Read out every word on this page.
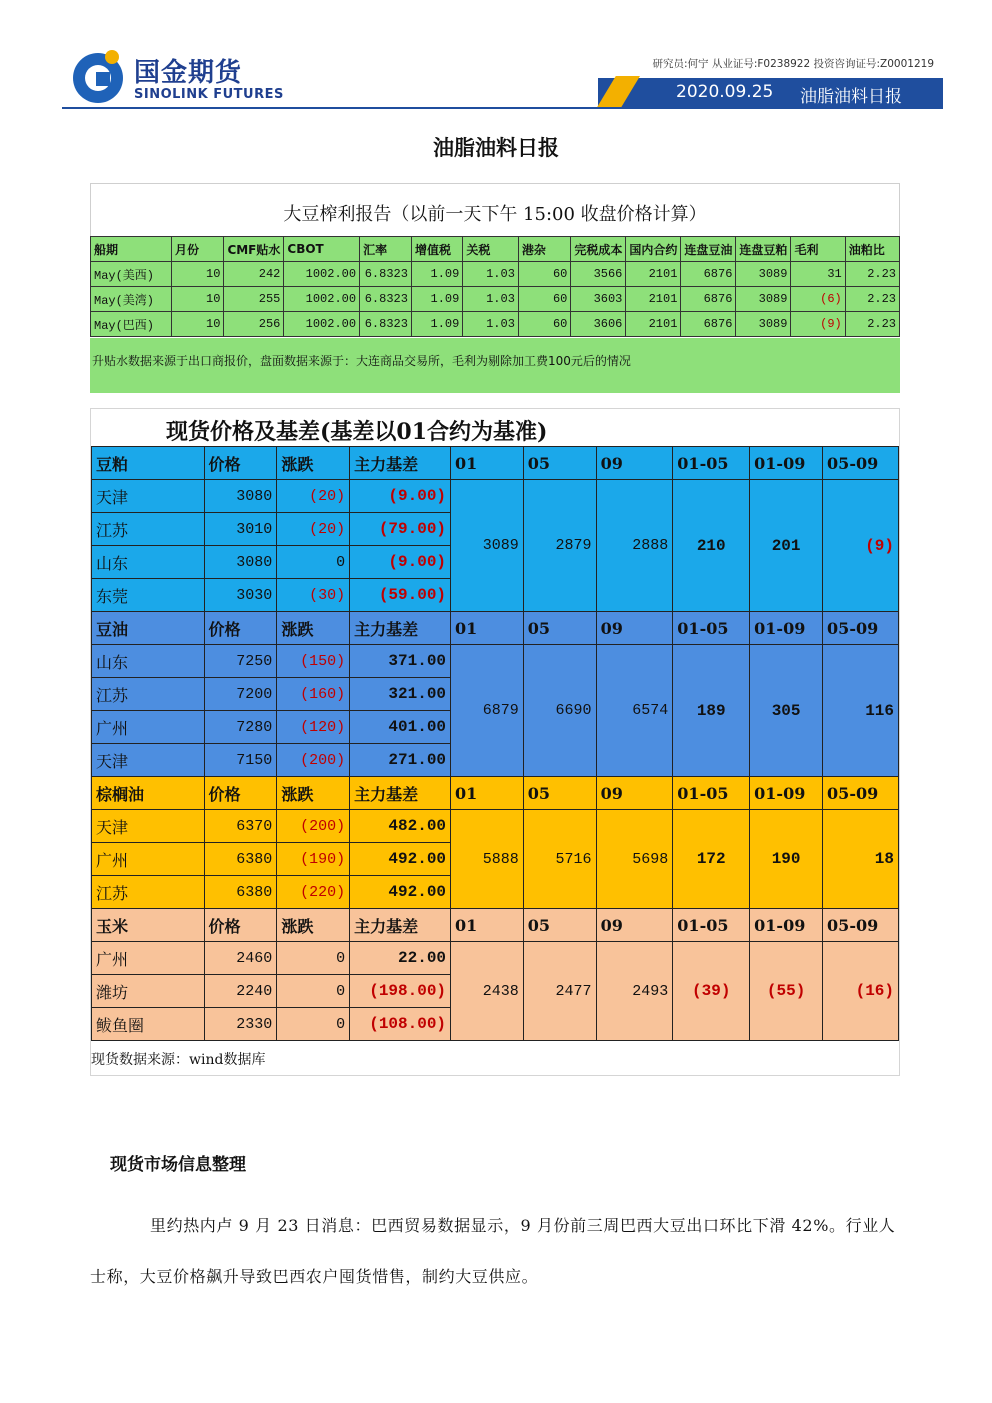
国金期货
SINOLINK FUTURES
研究员:何宁 从业证号:F0238922 投资咨询证号:Z0001219
2020.09.25 油脂油料日报
油脂油料日报
大豆榨利报告（以前一天下午 15:00 收盘价格计算）
船期	月份	CMF贴水	CBOT	汇率	增值税	关税	港杂	完税成本	国内合约	连盘豆油	连盘豆粕	毛利	油粕比
May(美西)	10	242	1002.00	6.8323	1.09	1.03	60	3566	2101	6876	3089	31	2.23
May(美湾)	10	255	1002.00	6.8323	1.09	1.03	60	3603	2101	6876	3089	(6)	2.23
May(巴西)	10	256	1002.00	6.8323	1.09	1.03	60	3606	2101	6876	3089	(9)	2.23
升贴水数据来源于出口商报价，盘面数据来源于：大连商品交易所，毛利为剔除加工费100元后的情况
现货价格及基差(基差以01合约为基准)
豆粕	价格	涨跌	主力基差	01	05	09	01-05	01-09	05-09
天津	3080	(20)	(9.00)	3089	2879	2888	210	201	(9)
江苏	3010	(20)	(79.00)						
山东	3080	0	(9.00)						
东莞	3030	(30)	(59.00)						
豆油	价格	涨跌	主力基差	01	05	09	01-05	01-09	05-09
山东	7250	(150)	371.00	6879	6690	6574	189	305	116
江苏	7200	(160)	321.00						
广州	7280	(120)	401.00						
天津	7150	(200)	271.00						
棕榈油	价格	涨跌	主力基差	01	05	09	01-05	01-09	05-09
天津	6370	(200)	482.00	5888	5716	5698	172	190	18
广州	6380	(190)	492.00						
江苏	6380	(220)	492.00						
玉米	价格	涨跌	主力基差	01	05	09	01-05	01-09	05-09
广州	2460	0	22.00	2438	2477	2493	(39)	(55)	(16)
潍坊	2240	0	(198.00)						
鲅鱼圈	2330	0	(108.00)						
现货数据来源：wind数据库
现货市场信息整理
里约热内卢 9 月 23 日消息：巴西贸易数据显示，9 月份前三周巴西大豆出口环比下滑 42%。行业人士称，大豆价格飙升导致巴西农户囤货惜售，制约大豆供应。
